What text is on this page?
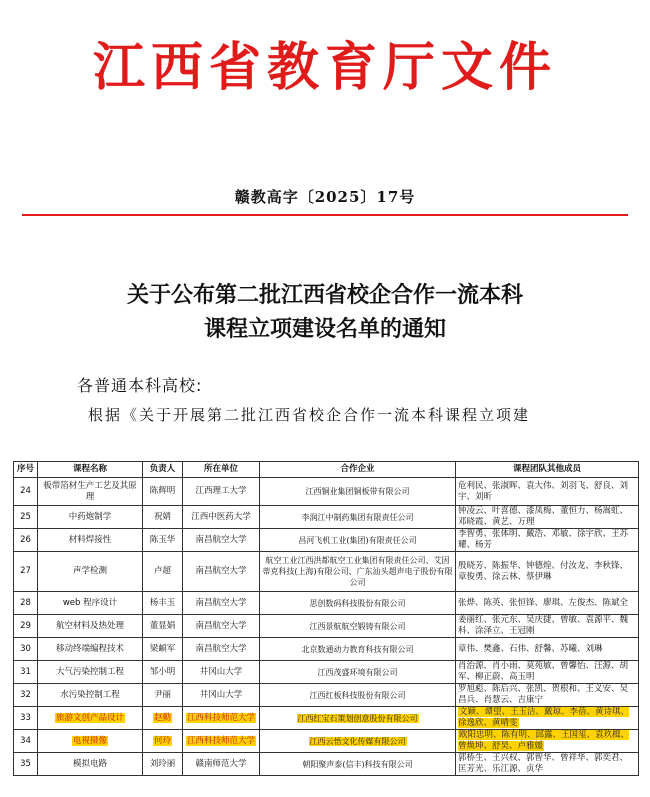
江西省教育厅文件
赣教高字〔2025〕17号
关于公布第二批江西省校企合作一流本科
课程立项建设名单的通知
各普通本科高校:
根据《关于开展第二批江西省校企合作一流本科课程立项建
序号	课程名称	负责人	所在单位	合作企业	课程团队其他成员
24	板带箔材生产工艺及其原理	陈辉明	江西理工大学	江西铜业集团铜板带有限公司	危利民、张淑晖、袁大伟、刘羽飞、舒良、刘宇、刘昕
25	中药炮制学	祝婧	江西中医药大学	李润江中制药集团有限责任公司	钟凌云、叶喜德、漆凤梅、董恒力、杨嵩虹、邓晓霞、黄艺、万理
26	材料焊接性	陈玉华	南昌航空大学	昌河飞机工业(集团)有限责任公司	李智勇、张体明、戴浩、邓敏、徐宇欣、王苏耀、杨芳
27	声学检测	卢超	南昌航空大学	航空工业江西洪都航空工业集团有限责任公司、艾因蒂克科技(上海)有限公司、广东汕头超声电子股份有限公司	殷晓芳、陈振华、钟德煌、付汝龙、李秋锋、章俊勇、徐云林、蔡伊琳
28	web 程序设计	杨丰玉	南昌航空大学	思创数码科技股份有限公司	张烨、陈英、张恒锋、廖琪、左俊杰、陈斌全
29	航空材料及热处理	董显娟	南昌航空大学	江西景航航空锻铸有限公司	姜丽红、张元东、吴庆捷、曾敏、袁源平、魏科、涂泽立、王冠刚
30	移动终端编程技术	梁頔军	南昌航空大学	北京数通动力教育科技有限公司	章伟、樊鑫、石伟、舒馨、苏曦、刘琳
31	大气污染控制工程	邹小明	井冈山大学	江西茂盛环境有限公司	肖治源、肖小雨、莫苑敏、曾馨怡、汪源、胡军、柳正蔚、高玉明
32	水污染控制工程	尹丽	井冈山大学	江西红板科技股份有限公司	罗旭彪、陈后兴、张凯、贺根和、王义安、吴昌兵、肖慧云、吉康宁
33	旅游文创产品设计	赵勤	江西科技师范大学	江西红宝石策划创意股份有限公司	文颖、谭望、王玉洁、戴琼、李蓓、黄诗琪、徐逸欣、黄晴雯
34	电视摄像	何玲	江西科技师范大学	江西云悟文化传媒有限公司	欧阳忠明、陈有明、邱露、王国玺、袁玖楫、曾焕坤、舒昊、卢雅媛
35	模拟电路	刘玲丽	赣南师范大学	朝阳聚声泰(信丰)科技有限公司	郭桥生、王兴权、郭智华、曾祥华、郭奕君、匡芳光、乐江源、贞华
